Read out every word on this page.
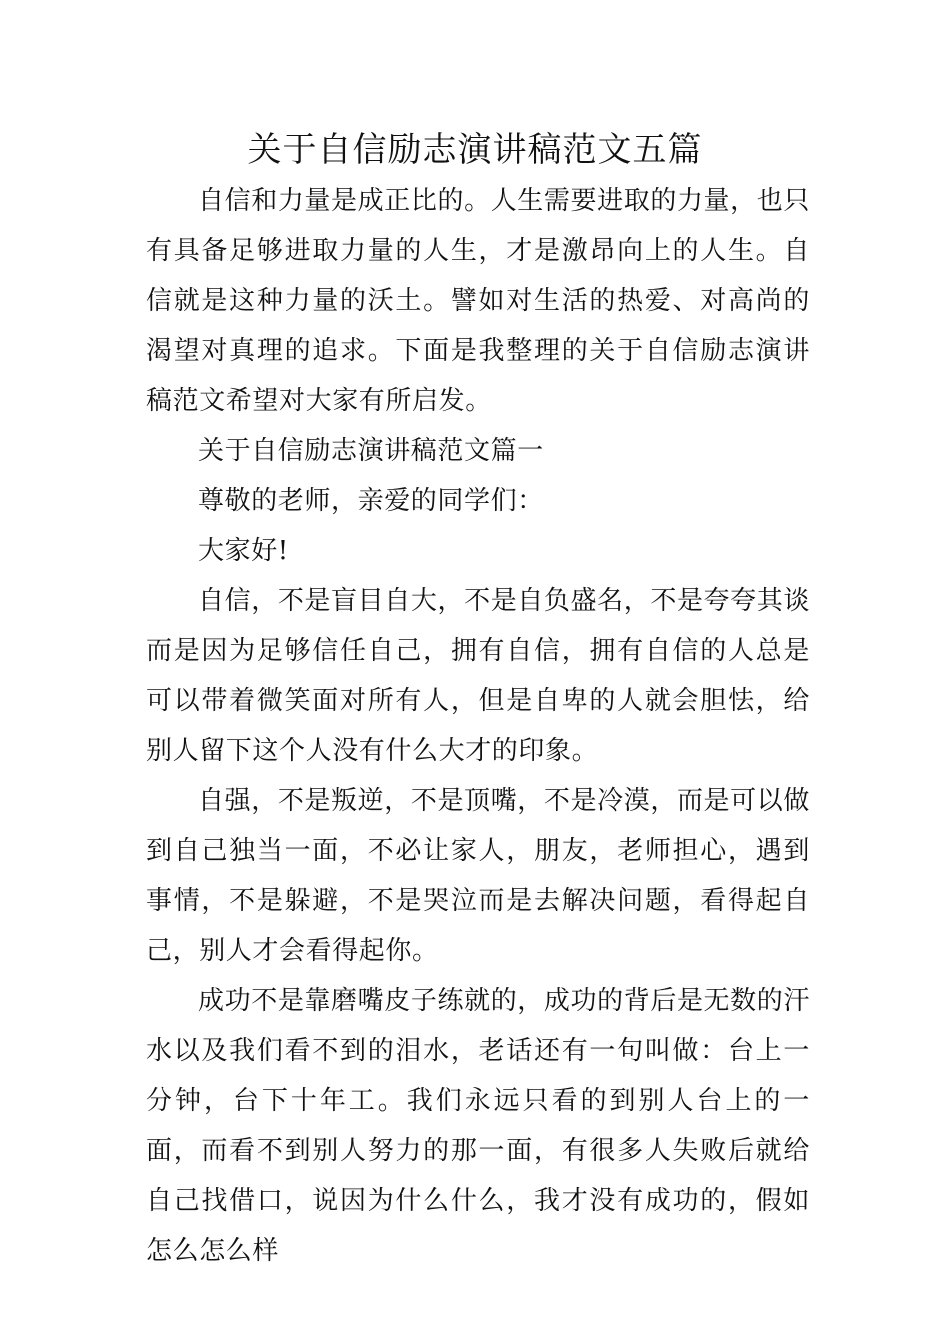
关于自信励志演讲稿范文五篇

自信和力量是成正比的。人生需要进取的力量，也只有具备足够进取力量的人生，才是激昂向上的人生。自信就是这种力量的沃土。譬如对生活的热爱、对高尚的渴望对真理的追求。下面是我整理的关于自信励志演讲稿范文希望对大家有所启发。

关于自信励志演讲稿范文篇一

尊敬的老师，亲爱的同学们：

大家好!

自信，不是盲目自大，不是自负盛名，不是夸夸其谈而是因为足够信任自己，拥有自信，拥有自信的人总是可以带着微笑面对所有人，但是自卑的人就会胆怯，给别人留下这个人没有什么大才的印象。

自强，不是叛逆，不是顶嘴，不是冷漠，而是可以做到自己独当一面，不必让家人，朋友，老师担心，遇到事情，不是躲避，不是哭泣而是去解决问题，看得起自己，别人才会看得起你。

成功不是靠磨嘴皮子练就的，成功的背后是无数的汗水以及我们看不到的泪水，老话还有一句叫做：台上一分钟，台下十年工。我们永远只看的到别人台上的一面，而看不到别人努力的那一面，有很多人失败后就给自己找借口，说因为什么什么，我才没有成功的，假如怎么怎么样
